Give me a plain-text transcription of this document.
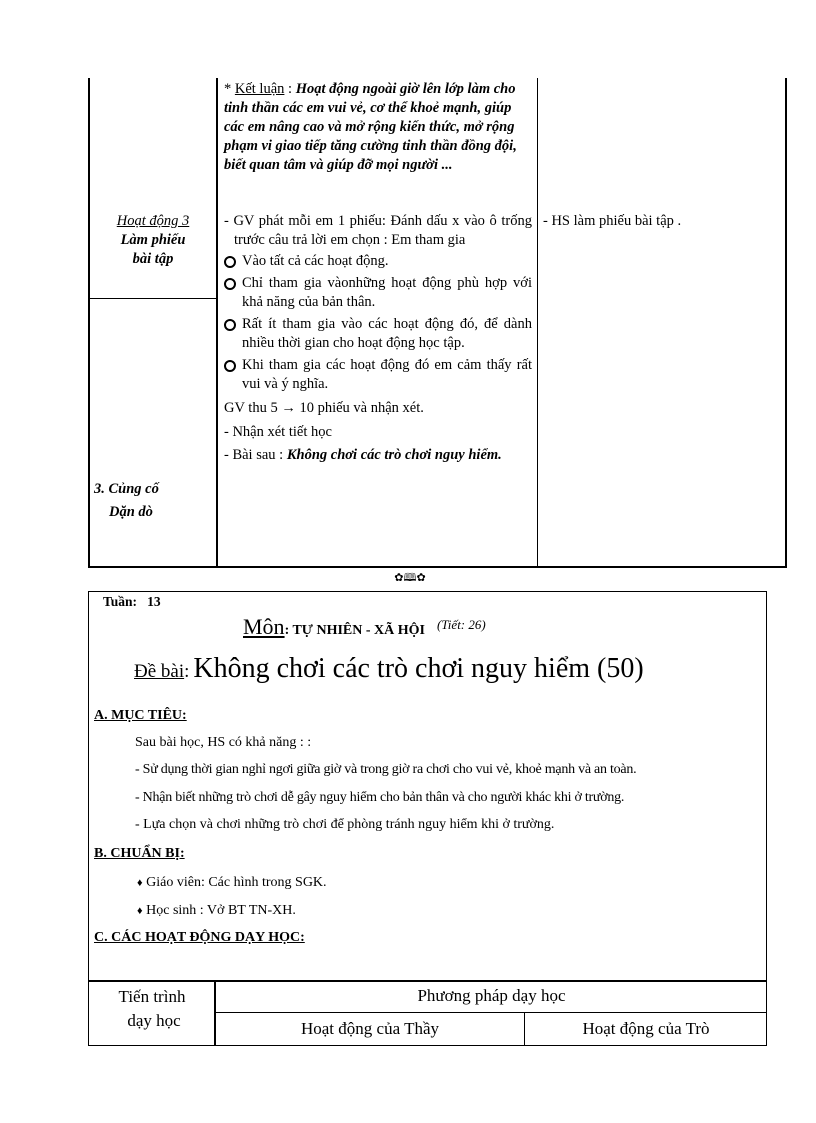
* Kết luận : Hoạt động ngoài giờ lên lớp làm cho tinh thần các em vui vẻ, cơ thể khoẻ mạnh, giúp các em nâng cao và mở rộng kiến thức, mở rộng phạm vi giao tiếp tăng cường tinh thần đồng đội, biết quan tâm và giúp đỡ mọi người ...
Hoạt động 3
Làm phiếu
bài tập
- GV phát mỗi em 1 phiếu: Đánh dấu x vào ô trống trước câu trả lời em chọn : Em tham gia
Vào tất cả các hoạt động.
Chỉ tham gia vàonhững hoạt động phù hợp với khả năng của bản thân.
Rất ít tham gia vào các hoạt động đó, để dành nhiều thời gian cho hoạt động học tập.
Khi tham gia các hoạt động đó em cảm thấy rất vui và ý nghĩa.
GV thu 5 → 10 phiếu và nhận xét.
- Nhận xét tiết học
- Bài sau : Không chơi các trò chơi nguy hiểm.
- HS làm phiếu bài tập .
3. Củng cố
Dặn dò
✿🕮✿
Tuần: 13
Môn: TỰ NHIÊN - XÃ HỘI $^{(Tiết: 26)}$
Đề bài: Không chơi các trò chơi nguy hiểm (50)
A. MỤC TIÊU:
Sau bài học, HS có khả năng : :
- Sử dụng thời gian nghỉ ngơi giữa giờ và trong giờ ra chơi cho vui vẻ, khoẻ mạnh và an toàn.
- Nhận biết những trò chơi dễ gây nguy hiểm cho bản thân và cho người khác khi ở trường.
- Lựa chọn và chơi những trò chơi để phòng tránh nguy hiểm khi ở trường.
B. CHUẨN BỊ:
♦ Giáo viên: Các hình trong SGK.
♦ Học sinh : Vở BT TN-XH.
C. CÁC HOẠT ĐỘNG DẠY HỌC:
Tiến trình
dạy học
Phương pháp dạy học
Hoạt động của Thầy	Hoạt động của Trò
